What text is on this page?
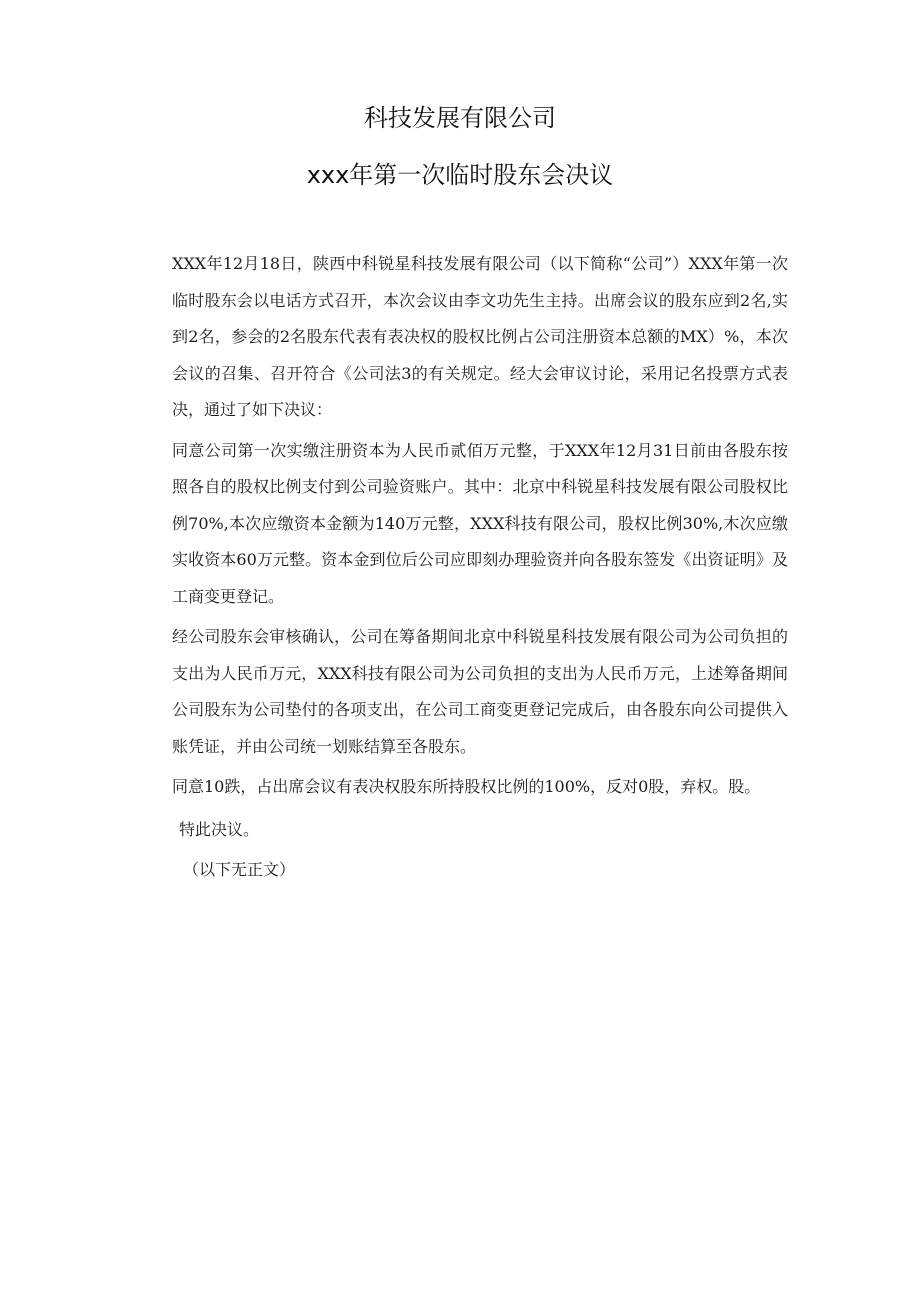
科技发展有限公司
xxx年第一次临时股东会决议

XXX年12月18日，陕西中科锐星科技发展有限公司（以下简称“公司”）XXX年第一次临时股东会以电话方式召开，本次会议由李文功先生主持。出席会议的股东应到2名,实到2名，参会的2名股东代表有表决权的股权比例占公司注册资本总额的MX）%，本次会议的召集、召开符合《公司法3的有关规定。经大会审议讨论，采用记名投票方式表决，通过了如下决议：

同意公司第一次实缴注册资本为人民币贰佰万元整，于XXX年12月31日前由各股东按照各自的股权比例支付到公司验资账户。其中：北京中科锐星科技发展有限公司股权比例70%,本次应缴资本金额为140万元整，XXX科技有限公司，股权比例30%,木次应缴实收资本60万元整。资本金到位后公司应即刻办理验资并向各股东签发《出资证明》及工商变更登记。

经公司股东会审核确认，公司在筹备期间北京中科锐星科技发展有限公司为公司负担的支出为人民币万元，XXX科技有限公司为公司负担的支出为人民币万元，上述筹备期间公司股东为公司垫付的各项支出，在公司工商变更登记完成后，由各股东向公司提供入账凭证，并由公司统一划账结算至各股东。

同意10跌，占出席会议有表决权股东所持股权比例的100%，反对0股，弃权。股。

特此决议。

（以下无正文）
